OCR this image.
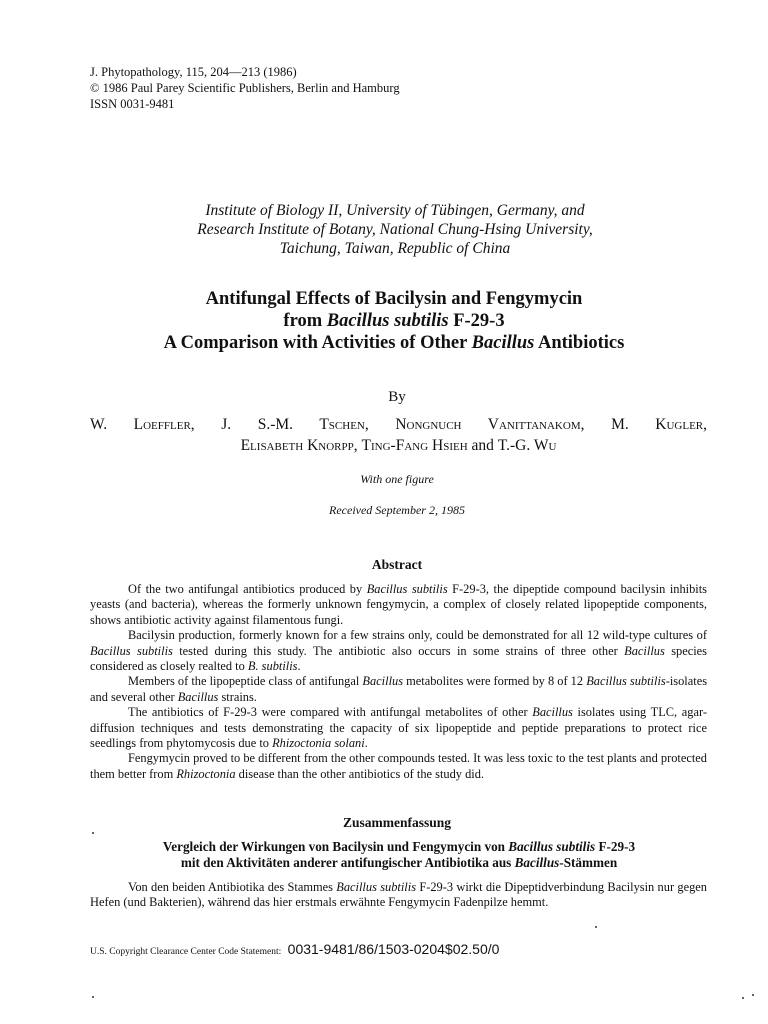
J. Phytopathology, 115, 204—213 (1986)
© 1986 Paul Parey Scientific Publishers, Berlin and Hamburg
ISSN 0031-9481
Institute of Biology II, University of Tübingen, Germany, and
Research Institute of Botany, National Chung-Hsing University,
Taichung, Taiwan, Republic of China
Antifungal Effects of Bacilysin and Fengymycin
from Bacillus subtilis F-29-3
A Comparison with Activities of Other Bacillus Antibiotics
By
W. Loeffler, J. S.-M. Tschen, Nongnuch Vanittanakom, M. Kugler,
Elisabeth Knorpp, Ting-Fang Hsieh and T.-G. Wu
With one figure
Received September 2, 1985
Abstract

Of the two antifungal antibiotics produced by Bacillus subtilis F-29-3, the dipeptide compound bacilysin inhibits yeasts (and bacteria), whereas the formerly unknown fengymycin, a complex of closely related lipopeptide components, shows antibiotic activity against filamentous fungi.

Bacilysin production, formerly known for a few strains only, could be demonstrated for all 12 wild-type cultures of Bacillus subtilis tested during this study. The antibiotic also occurs in some strains of three other Bacillus species considered as closely realted to B. subtilis.

Members of the lipopeptide class of antifungal Bacillus metabolites were formed by 8 of 12 Bacillus subtilis-isolates and several other Bacillus strains.

The antibiotics of F-29-3 were compared with antifungal metabolites of other Bacillus isolates using TLC, agar-diffusion techniques and tests demonstrating the capacity of six lipopeptide and peptide preparations to protect rice seedlings from phytomycosis due to Rhizoctonia solani.

Fengymycin proved to be different from the other compounds tested. It was less toxic to the test plants and protected them better from Rhizoctonia disease than the other antibiotics of the study did.

Zusammenfassung
Vergleich der Wirkungen von Bacilysin und Fengymycin von Bacillus subtilis F-29-3
mit den Aktivitäten anderer antifungischer Antibiotika aus Bacillus-Stämmen

Von den beiden Antibiotika des Stammes Bacillus subtilis F-29-3 wirkt die Dipeptidverbindung Bacilysin nur gegen Hefen (und Bakterien), während das hier erstmals erwähnte Fengymycin Fadenpilze hemmt.

U.S. Copyright Clearance Center Code Statement: 0031-9481/86/1503-0204$02.50/0
